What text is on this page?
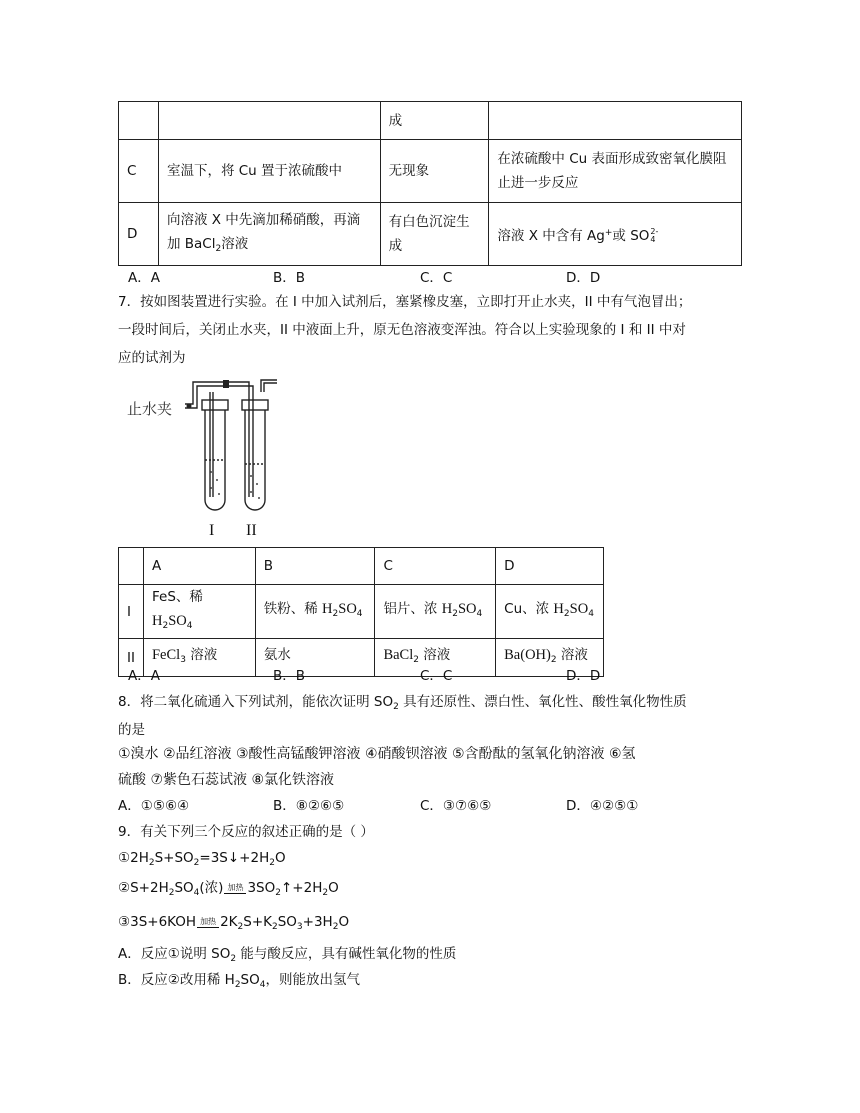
		成	
C	室温下，将 Cu 置于浓硫酸中	无现象	在浓硫酸中 Cu 表面形成致密氧化膜阻止进一步反应
D	向溶液 X 中先滴加稀硝酸，再滴加 BaCl$_2$溶液	有白色沉淀生成	溶液 X 中含有 Ag+或 SO 2-
4
A．A	B．B	C．C	D．D
7．按如图装置进行实验。在 I 中加入试剂后，塞紧橡皮塞，立即打开止水夹，II 中有气泡冒出；
一段时间后，关闭止水夹，II 中液面上升，原无色溶液变浑浊。符合以上实验现象的 I 和 II 中对
应的试剂为
止水夹
I II
	A	B	C	D
I	FeS、稀 $H_2SO_4$	铁粉、稀 $H_2SO_4$	铝片、浓 $H_2SO_4$	Cu、浓 $H_2SO_4$
II	FeCl$_3$ 溶液	氨水	BaCl$_2$ 溶液	$Ba(OH)_2$ 溶液
A．A	B．B	C．C	D．D
8．将二氧化硫通入下列试剂，能依次证明 $SO_2$ 具有还原性、漂白性、氧化性、酸性氧化物性质
的是
①溴水 ②品红溶液 ③酸性高锰酸钾溶液 ④硝酸钡溶液 ⑤含酚酞的氢氧化钠溶液 ⑥氢
硫酸 ⑦紫色石蕊试液 ⑧氯化铁溶液
A．①⑤⑥④	B．⑧②⑥⑤	C．③⑦⑥⑤	D．④②⑤①
9．有关下列三个反应的叙述正确的是（ ）
$①2H_2S+SO_2=3S↓+2H_2O$
$②S+2H_2SO_4$(浓) 加热 $3SO_2↑+2H_2O$
③3S+6KOH 加热 $2K_2S+K_2SO_3+3H_2O$
A．反应①说明 $SO_2$ 能与酸反应，具有碱性氧化物的性质
B．反应②改用稀 $H_2SO_4$，则能放出氢气
